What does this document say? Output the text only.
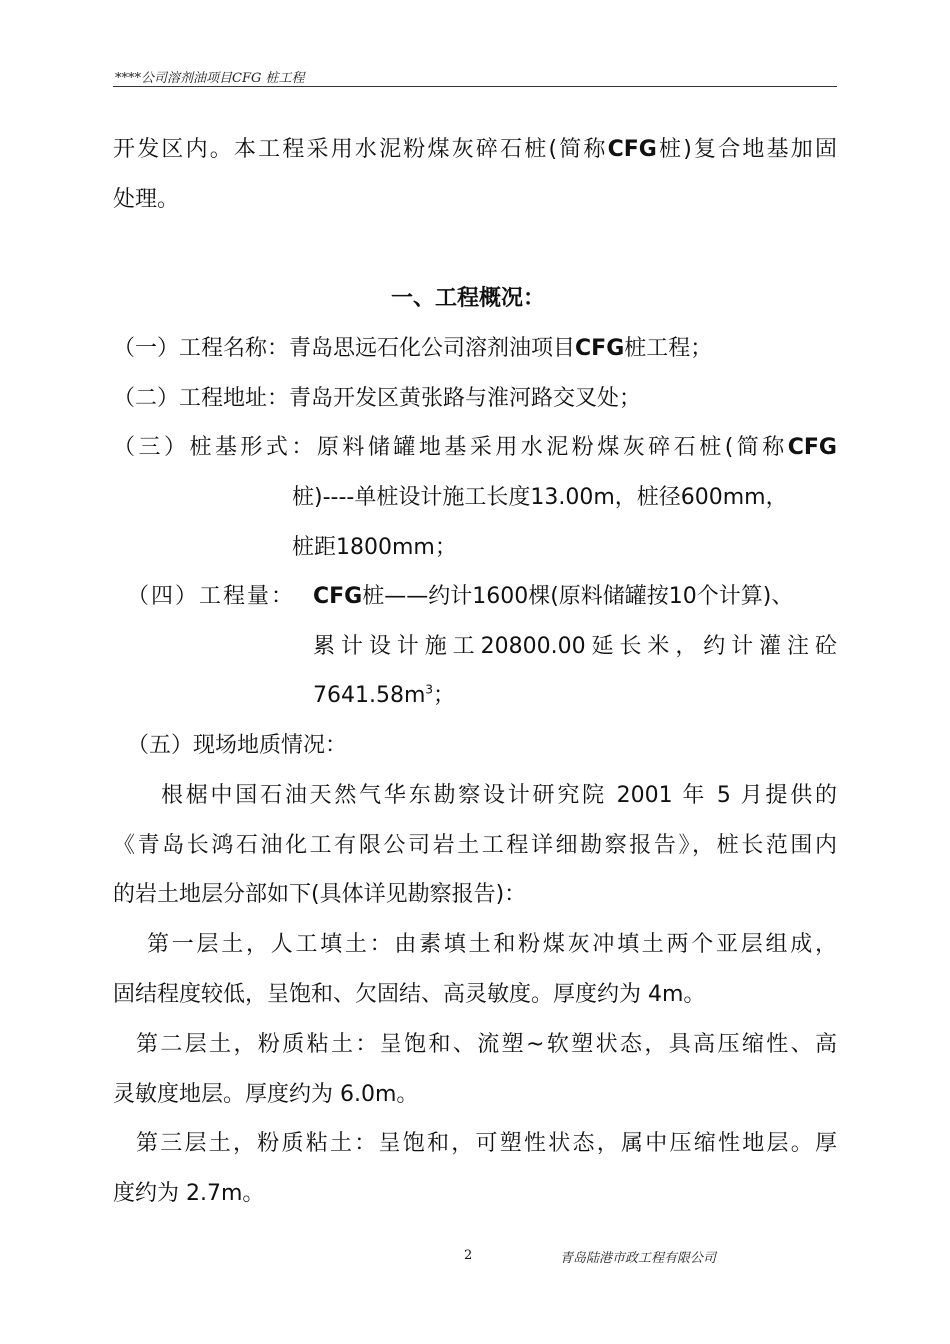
****公司溶剂油项目CFG 桩工程
开发区内。本工程采用水泥粉煤灰碎石桩(简称CFG桩)复合地基加固
处理。
一、工程概况：
（一）工程名称：青岛思远石化公司溶剂油项目CFG桩工程；
（二）工程地址：青岛开发区黄张路与淮河路交叉处；
（三）桩基形式：原料储罐地基采用水泥粉煤灰碎石桩(简称CFG
桩)----单桩设计施工长度13.00m，桩径600mm，
桩距1800mm；
（四）工程量： CFG桩——约计1600棵(原料储罐按10个计算)、
累计设计施工20800.00延长米，约计灌注砼
$7641.58m^3$；
（五）现场地质情况：
根椐中国石油天然气华东勘察设计研究院 2001 年 5 月提供的
《青岛长鸿石油化工有限公司岩土工程详细勘察报告》，桩长范围内
的岩土地层分部如下(具体详见勘察报告)：
第一层土，人工填土：由素填土和粉煤灰冲填土两个亚层组成，
固结程度较低，呈饱和、欠固结、高灵敏度。厚度约为 4m。
第二层土，粉质粘土：呈饱和、流塑~软塑状态，具高压缩性、高
灵敏度地层。厚度约为 6.0m。
第三层土，粉质粘土：呈饱和，可塑性状态，属中压缩性地层。厚
度约为 2.7m。
2	青岛陆港市政工程有限公司
